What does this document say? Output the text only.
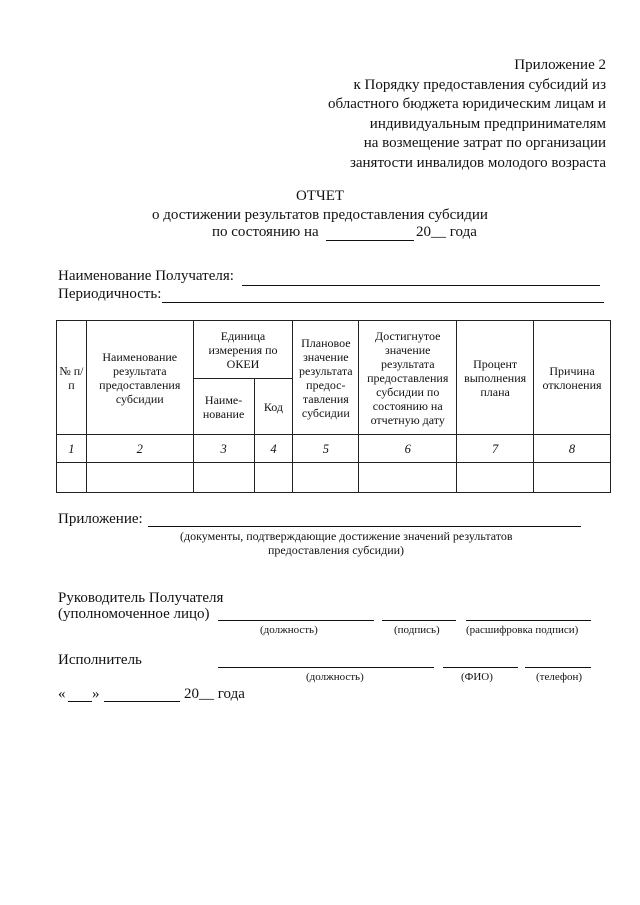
Приложение 2
к Порядку предоставления субсидий из
областного бюджета юридическим лицам и
индивидуальным предпринимателям
на возмещение затрат по организации
занятости инвалидов молодого возраста
ОТЧЕТ
о достижении результатов предоставления субсидии
по состоянию на	20__ года
Наименование Получателя:
Периодичность:
№ п/п	Наименование результата предоставления субсидии	Единица измерения по ОКЕИ		Плановое значение результата предос-тавления субсидии	Достигнутое значение результата предоставления субсидии по состоянию на отчетную дату	Процент выполнения плана	Причина отклонения
		Наиме-нование	Код				
1	2	3	4	5	6	7	8

Приложение:
(документы, подтверждающие достижение значений результатов
предоставления субсидии)
Руководитель Получателя
(уполномоченное лицо)
(должность)	(подпись) (расшифровка подписи)
Исполнитель
(должность)	(ФИО)	(телефон)
« »	20__ года
